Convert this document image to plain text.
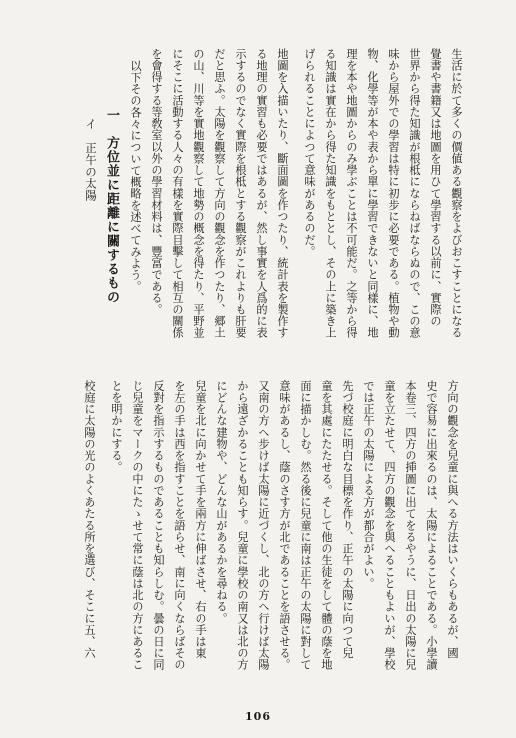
生活に於て多くの價値ある觀察をよびおこすことになる
覺書や書籍又は地圖を用ひて學習する以前に、實際の
世界から得た知識が根柢にならねばならぬので、この意
味から屋外での學習は特に初步に必要である。植物や動
物、化學等が本や表から單に學習できないと同樣に、地
理を本や地圖からのみ學ぶことは不可能だ。之等から得
る知識は實在から得た知識をもととし、その上に築き上
げられることによつて意味があるのだ。
地圖を入描いたり、斷面圖を作つたり、統計表を製作す
る地理の實習も必要ではあるが、然し事實を人爲的に表
示するのでなく實際を根柢とする觀察がこれよりも肝要
だと思ふ。太陽を觀察して方向の觀念を作つたり、郷土
の山、川等を實地觀察して地勢の概念を得たり、平野並
にそこに活動する人々の有樣を實際目擊して相互の關係
を會得する等敎室以外の學習材料は、豐富である。
以下その各々について概略を述べてみよう。
一　方位並に距離に關するもの
イ　正午の太陽
方向の觀念を兒童に與へる方法はいくらもあるが、國
史で容易に出來るのは、太陽によることである。小學讀
本卷三、四方の挿圖に出てをるやうに、日出の太陽に兒
童を立たせて、四方の觀念を與へることもよいが、學校
では正午の太陽による方が都合がよい。
先づ校庭に明白な目標を作り、正午の太陽に向つて兒
童を其處にたたせる。そして他の生徒をして體の蔭を地
面に描かしむ。然る後に兒童に南は正午の太陽に對して
意味があるし、蔭のさす方が北であることを語させる。
又南の方へ步けば太陽に近づくし、北の方へ行けば太陽
から遠ざかることも知らす。兒童に學校の南又は北の方
にどんな建物や、どんな山があるかを尋ねる。
兒童を北に向かせて手を兩方に伸ばさせ、右の手は東
を左の手は西を指すことを語らせ、南に向くならばその
反對を指示するものであることも知らしむ。曇の日に同
じ兒童をマークの中にたゝせて常に蔭は北の方にあるこ
とを明かにする。
校庭に太陽の光のよくあたる所を選び、そこに五、六
106
